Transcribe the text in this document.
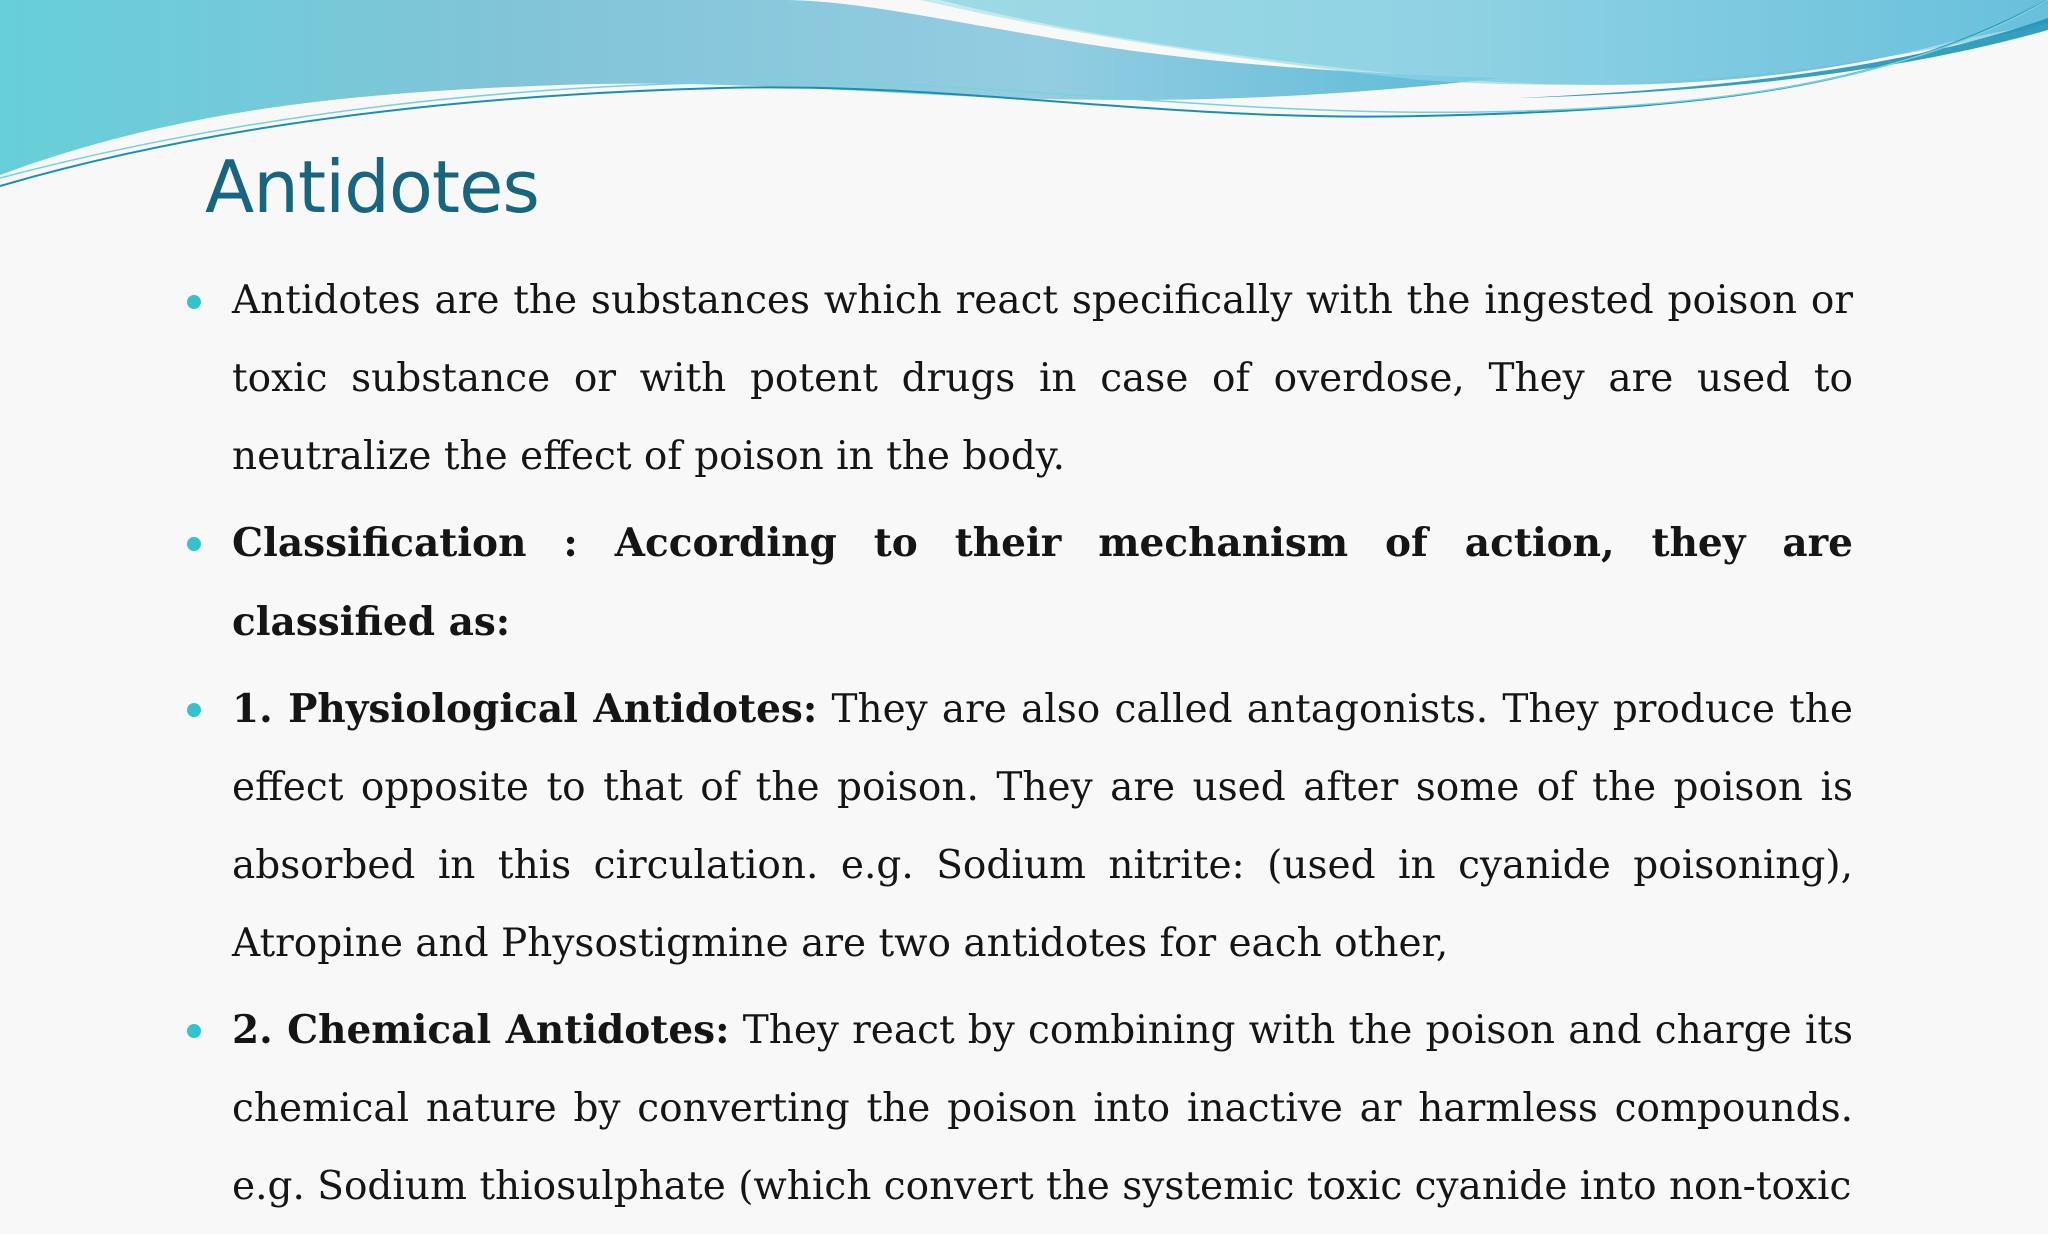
Antidotes
Antidotes are the substances which react specifically with the ingested poison or toxic substance or with potent drugs in case of overdose, They are used to neutralize the effect of poison in the body.
Classification : According to their mechanism of action, they are classified as:
1. Physiological Antidotes: They are also called antagonists. They produce the effect opposite to that of the poison. They are used after some of the poison is absorbed in this circulation. e.g. Sodium nitrite: (used in cyanide poisoning), Atropine and Physostigmine are two antidotes for each other,
2. Chemical Antidotes: They react by combining with the poison and charge its chemical nature by converting the poison into inactive ar harmless compounds. e.g. Sodium thiosulphate (which convert the systemic toxic cyanide into non-toxic
